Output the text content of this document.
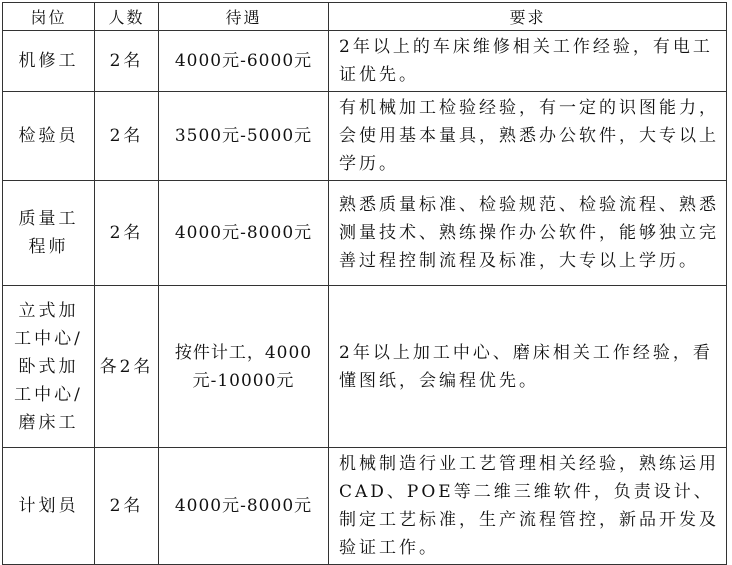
岗位	人数	待遇	要求
机修工	2名	4000元-6000元	2年以上的车床维修相关工作经验，有电工证优先。
检验员	2名	3500元-5000元	有机械加工检验经验，有一定的识图能力，会使用基本量具，熟悉办公软件，大专以上学历。
质量工程师	2名	4000元-8000元	熟悉质量标准、检验规范、检验流程、熟悉测量技术、熟练操作办公软件，能够独立完善过程控制流程及标准，大专以上学历。
立式加工中心/卧式加工中心/磨床工	各2名	按件计工，4000元-10000元	2年以上加工中心、磨床相关工作经验，看懂图纸，会编程优先。
计划员	2名	4000元-8000元	机械制造行业工艺管理相关经验，熟练运用CAD、POE等二维三维软件，负责设计、制定工艺标准，生产流程管控，新品开发及验证工作。
